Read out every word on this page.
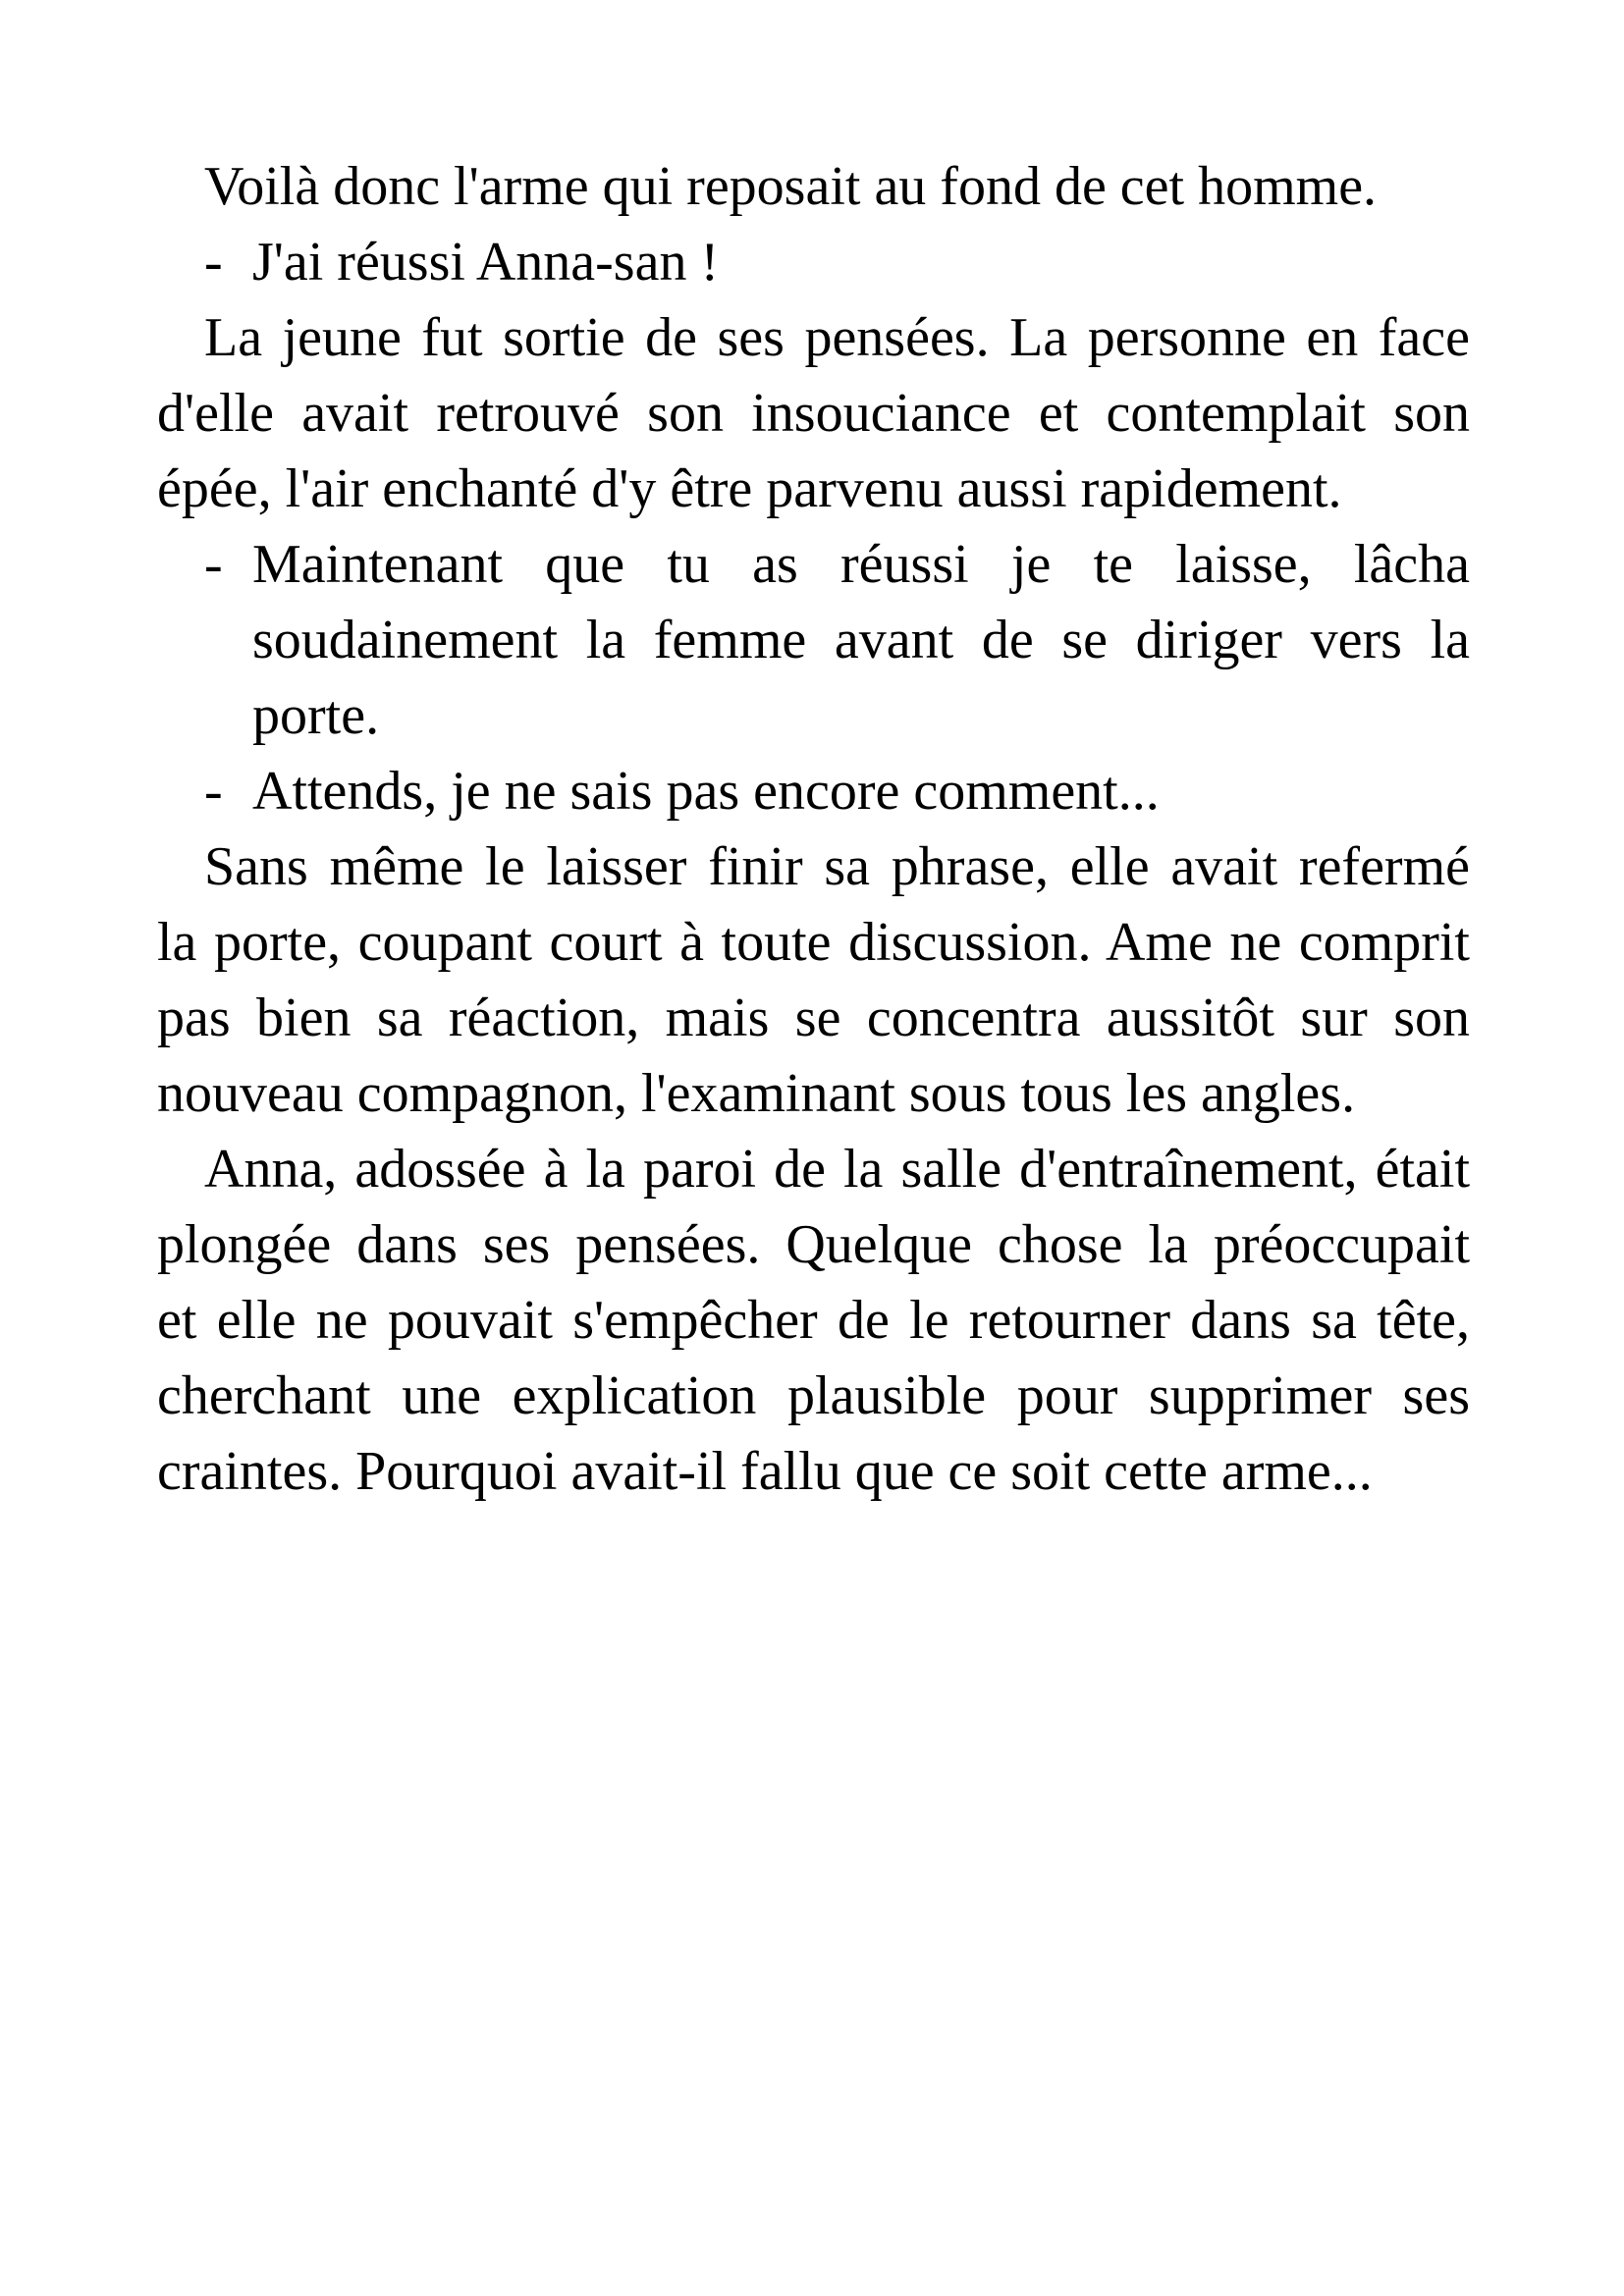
Voilà donc l'arme qui reposait au fond de cet homme.
- J'ai réussi Anna-san !
La jeune fut sortie de ses pensées. La personne en face
d'elle avait retrouvé son insouciance et contemplait son
épée, l'air enchanté d'y être parvenu aussi rapidement.
- Maintenant que tu as réussi je te laisse, lâcha
soudainement la femme avant de se diriger vers la
porte.
- Attends, je ne sais pas encore comment...
Sans même le laisser finir sa phrase, elle avait refermé
la porte, coupant court à toute discussion. Ame ne comprit
pas bien sa réaction, mais se concentra aussitôt sur son
nouveau compagnon, l'examinant sous tous les angles.
Anna, adossée à la paroi de la salle d'entraînement, était
plongée dans ses pensées. Quelque chose la préoccupait
et elle ne pouvait s'empêcher de le retourner dans sa tête,
cherchant une explication plausible pour supprimer ses
craintes. Pourquoi avait-il fallu que ce soit cette arme...
